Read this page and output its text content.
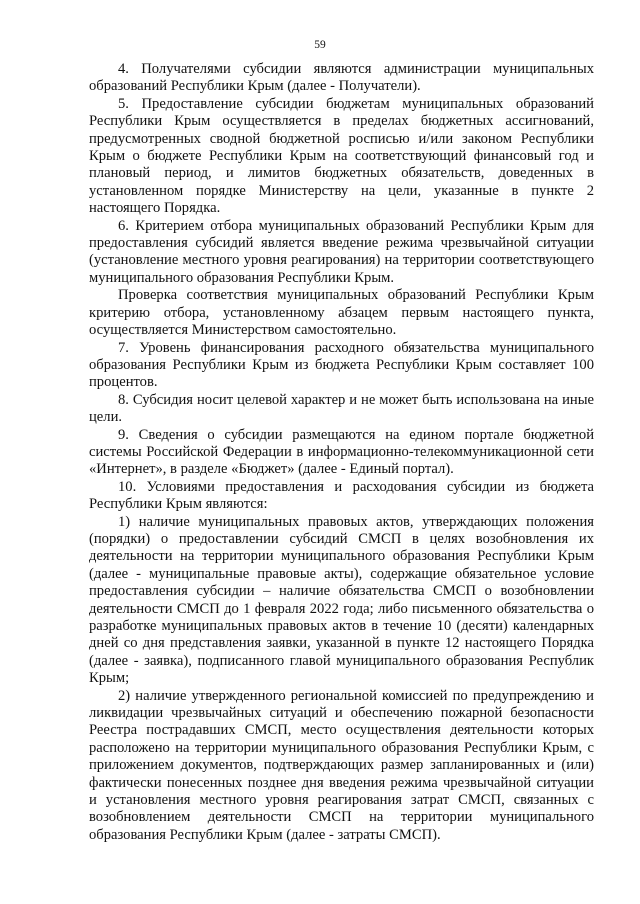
59

4. Получателями субсидии являются администрации муниципальных образований Республики Крым (далее - Получатели).

5. Предоставление субсидии бюджетам муниципальных образований Республики Крым осуществляется в пределах бюджетных ассигнований, предусмотренных сводной бюджетной росписью и/или законом Республики Крым о бюджете Республики Крым на соответствующий финансовый год и плановый период, и лимитов бюджетных обязательств, доведенных в установленном порядке Министерству на цели, указанные в пункте 2 настоящего Порядка.

6. Критерием отбора муниципальных образований Республики Крым для предоставления субсидий является введение режима чрезвычайной ситуации (установление местного уровня реагирования) на территории соответствующего муниципального образования Республики Крым.

Проверка соответствия муниципальных образований Республики Крым критерию отбора, установленному абзацем первым настоящего пункта, осуществляется Министерством самостоятельно.

7. Уровень финансирования расходного обязательства муниципального образования Республики Крым из бюджета Республики Крым составляет 100 процентов.

8. Субсидия носит целевой характер и не может быть использована на иные цели.

9. Сведения о субсидии размещаются на едином портале бюджетной системы Российской Федерации в информационно-телекоммуникационной сети «Интернет», в разделе «Бюджет» (далее - Единый портал).

10. Условиями предоставления и расходования субсидии из бюджета Республики Крым являются:

1) наличие муниципальных правовых актов, утверждающих положения (порядки) о предоставлении субсидий СМСП в целях возобновления их деятельности на территории муниципального образования Республики Крым (далее - муниципальные правовые акты), содержащие обязательное условие предоставления субсидии – наличие обязательства СМСП о возобновлении деятельности СМСП до 1 февраля 2022 года; либо письменного обязательства о разработке муниципальных правовых актов в течение 10 (десяти) календарных дней со дня представления заявки, указанной в пункте 12 настоящего Порядка (далее - заявка), подписанного главой муниципального образования Республик Крым;

2) наличие утвержденного региональной комиссией по предупреждению и ликвидации чрезвычайных ситуаций и обеспечению пожарной безопасности Реестра пострадавших СМСП, место осуществления деятельности которых расположено на территории муниципального образования Республики Крым, с приложением документов, подтверждающих размер запланированных и (или) фактически понесенных позднее дня введения режима чрезвычайной ситуации и установления местного уровня реагирования затрат СМСП, связанных с возобновлением деятельности СМСП на территории муниципального образования Республики Крым (далее - затраты СМСП).
